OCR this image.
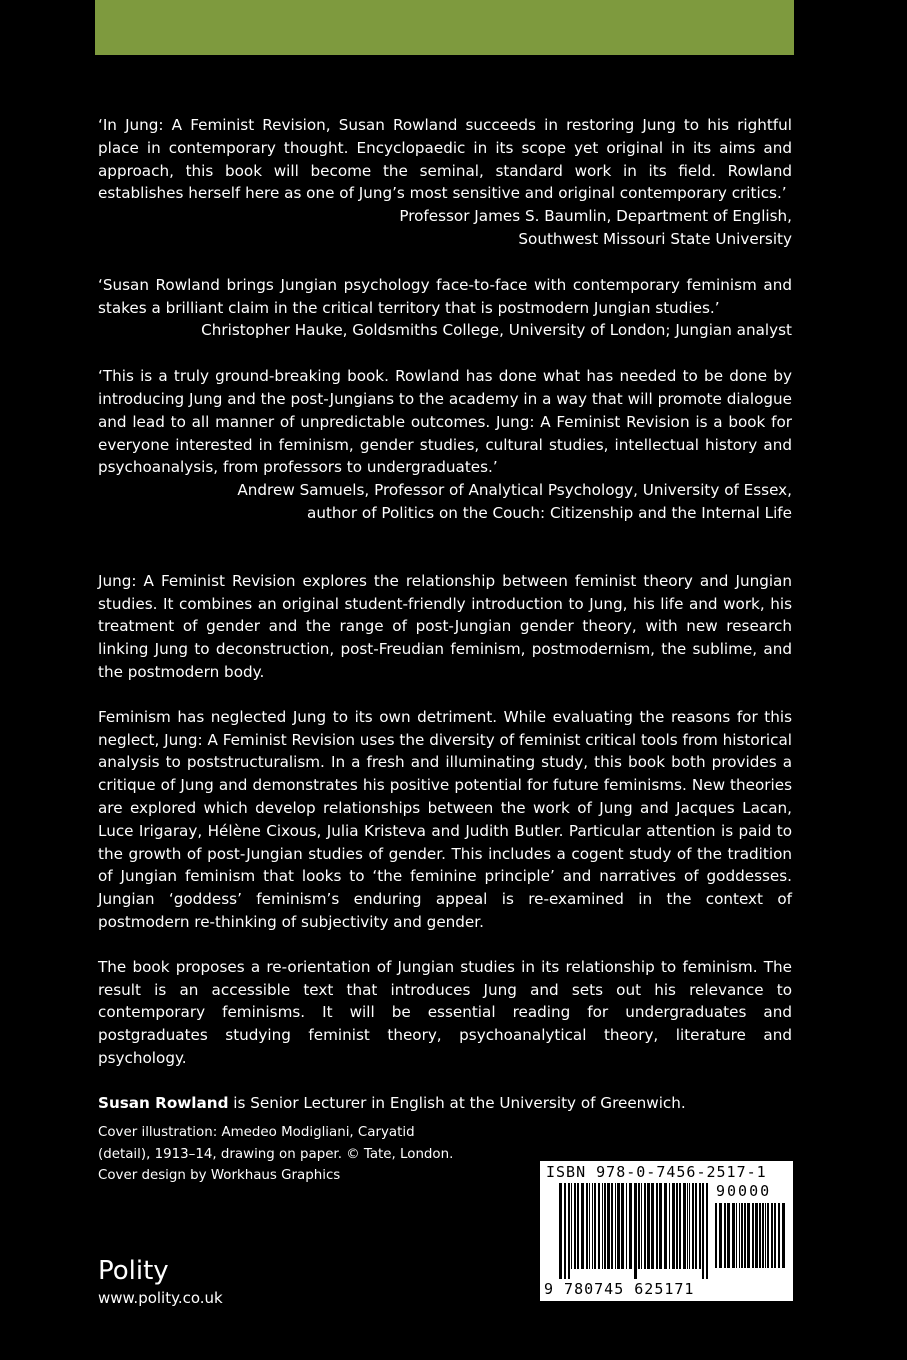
‘In Jung: A Feminist Revision, Susan Rowland succeeds in restoring Jung to his rightful place in contemporary thought. Encyclopaedic in its scope yet original in its aims and approach, this book will become the seminal, standard work in its field. Rowland establishes herself here as one of Jung’s most sensitive and original contemporary critics.’

Professor James S. Baumlin, Department of English,
Southwest Missouri State University

‘Susan Rowland brings Jungian psychology face-to-face with contemporary feminism and stakes a brilliant claim in the critical territory that is postmodern Jungian studies.’

Christopher Hauke, Goldsmiths College, University of London; Jungian analyst

‘This is a truly ground-breaking book. Rowland has done what has needed to be done by introducing Jung and the post-Jungians to the academy in a way that will promote dialogue and lead to all manner of unpredictable outcomes. Jung: A Feminist Revision is a book for everyone interested in feminism, gender studies, cultural studies, intellectual history and psychoanalysis, from professors to undergraduates.’

Andrew Samuels, Professor of Analytical Psychology, University of Essex,
author of Politics on the Couch: Citizenship and the Internal Life

Jung: A Feminist Revision explores the relationship between feminist theory and Jungian studies. It combines an original student-friendly introduction to Jung, his life and work, his treatment of gender and the range of post-Jungian gender theory, with new research linking Jung to deconstruction, post-Freudian feminism, postmodernism, the sublime, and the postmodern body.

Feminism has neglected Jung to its own detriment. While evaluating the reasons for this neglect, Jung: A Feminist Revision uses the diversity of feminist critical tools from historical analysis to poststructuralism. In a fresh and illuminating study, this book both provides a critique of Jung and demonstrates his positive potential for future feminisms. New theories are explored which develop relationships between the work of Jung and Jacques Lacan, Luce Irigaray, Hélène Cixous, Julia Kristeva and Judith Butler. Particular attention is paid to the growth of post-Jungian studies of gender. This includes a cogent study of the tradition of Jungian feminism that looks to ‘the feminine principle’ and narratives of goddesses. Jungian ‘goddess’ feminism’s enduring appeal is re-examined in the context of postmodern re-thinking of subjectivity and gender.

The book proposes a re-orientation of Jungian studies in its relationship to feminism. The result is an accessible text that introduces Jung and sets out his relevance to contemporary feminisms. It will be essential reading for undergraduates and postgraduates studying feminist theory, psychoanalytical theory, literature and psychology.

Susan Rowland is Senior Lecturer in English at the University of Greenwich.

Cover illustration: Amedeo Modigliani, Caryatid
(detail), 1913–14, drawing on paper. © Tate, London.
Cover design by Workhaus Graphics
Polity
www.polity.co.uk
ISBN 978-0-7456-2517-1
90000
9 780745 625171
